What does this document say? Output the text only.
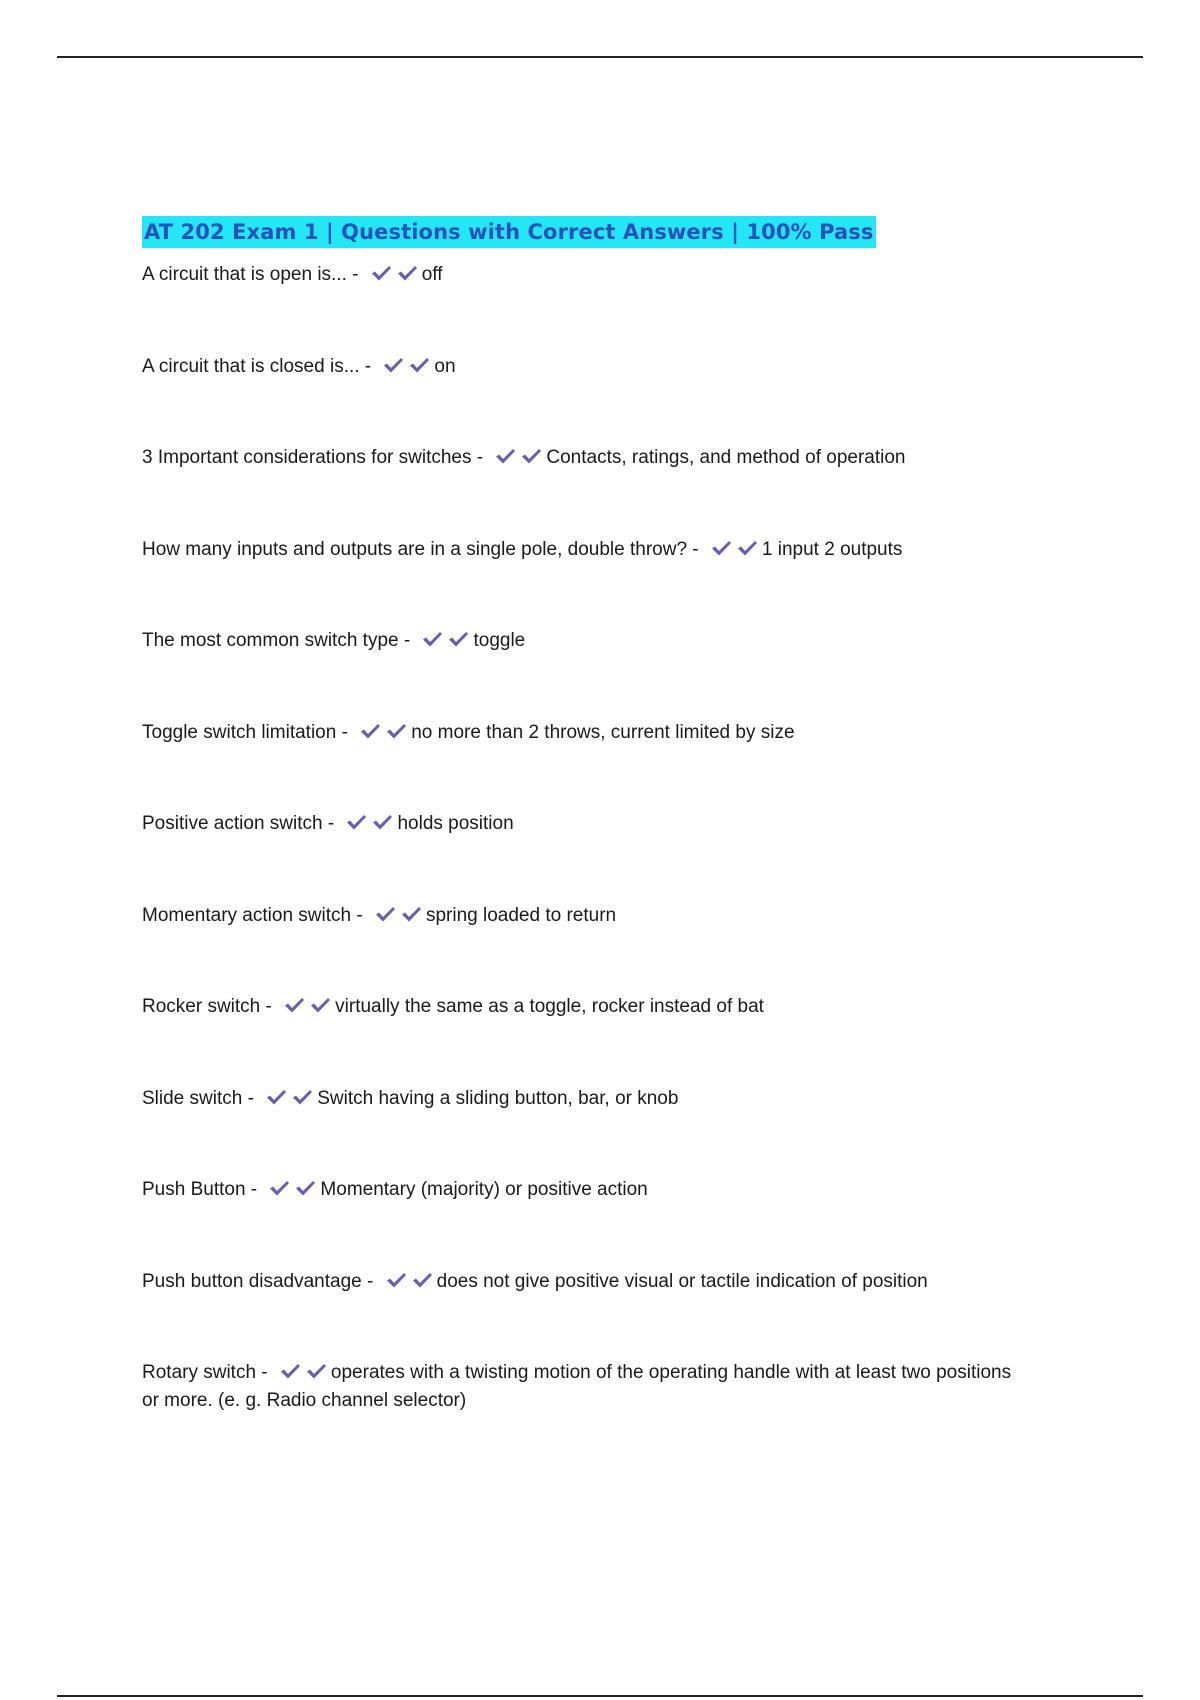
AT 202 Exam 1 | Questions with Correct Answers | 100% Pass
A circuit that is open is... -	off
A circuit that is closed is... -	on
3 Important considerations for switches -	Contacts, ratings, and method of operation
How many inputs and outputs are in a single pole, double throw? -	1 input 2 outputs
The most common switch type -	toggle
Toggle switch limitation -	no more than 2 throws, current limited by size
Positive action switch -	holds position
Momentary action switch -	spring loaded to return
Rocker switch -	virtually the same as a toggle, rocker instead of bat
Slide switch -	Switch having a sliding button, bar, or knob
Push Button -	Momentary (majority) or positive action
Push button disadvantage -	does not give positive visual or tactile indication of position
Rotary switch -	operates with a twisting motion of the operating handle with at least two positions or more. (e. g. Radio channel selector)
